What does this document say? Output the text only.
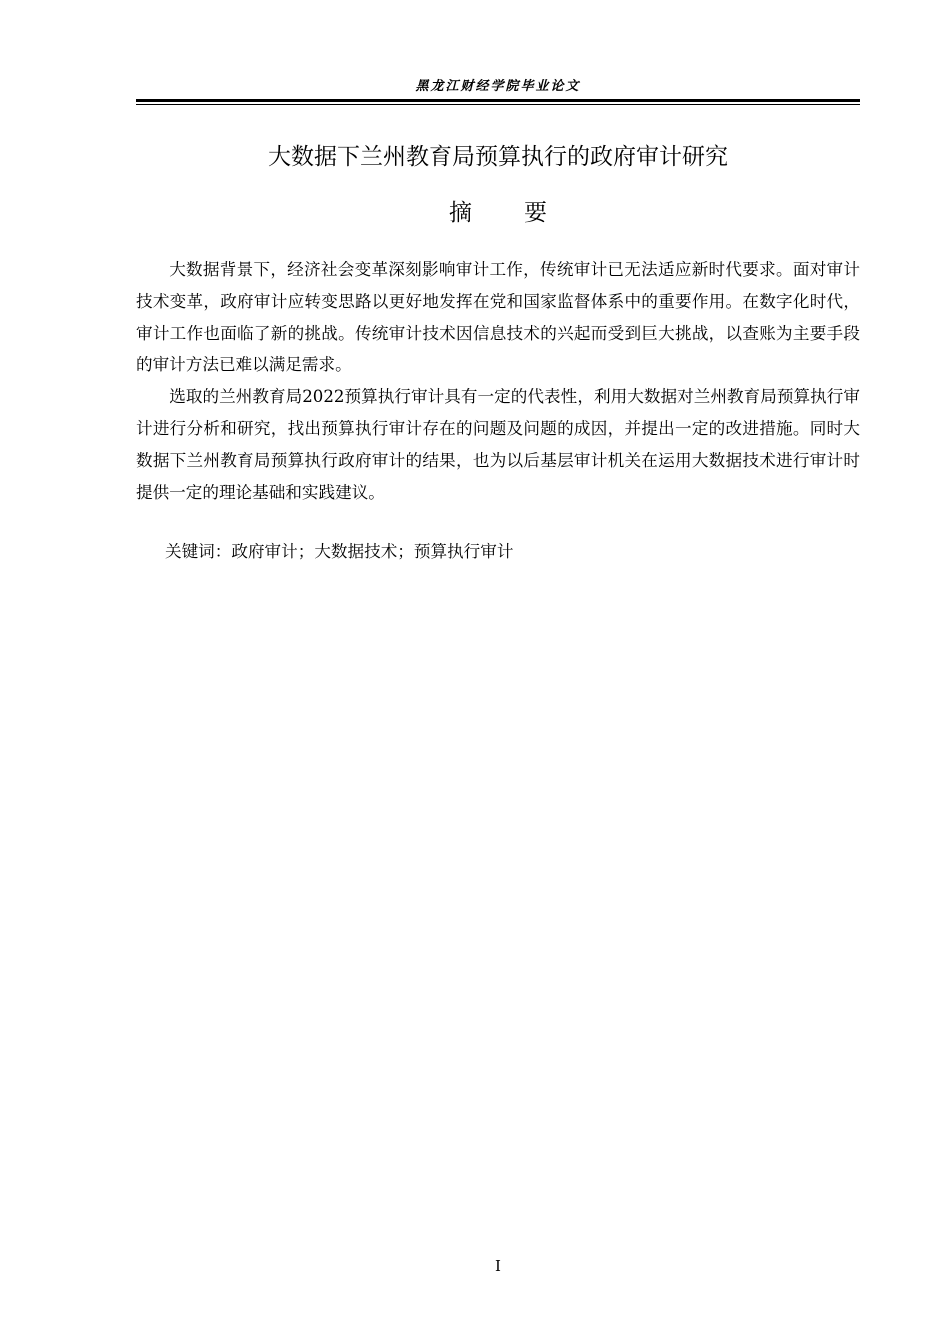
黑龙江财经学院毕业论文
大数据下兰州教育局预算执行的政府审计研究
摘要

大数据背景下，经济社会变革深刻影响审计工作，传统审计已无法适应新时代要求。面对审计技术变革，政府审计应转变思路以更好地发挥在党和国家监督体系中的重要作用。在数字化时代，审计工作也面临了新的挑战。传统审计技术因信息技术的兴起而受到巨大挑战，以查账为主要手段的审计方法已难以满足需求。

选取的兰州教育局2022预算执行审计具有一定的代表性，利用大数据对兰州教育局预算执行审计进行分析和研究，找出预算执行审计存在的问题及问题的成因，并提出一定的改进措施。同时大数据下兰州教育局预算执行政府审计的结果，也为以后基层审计机关在运用大数据技术进行审计时提供一定的理论基础和实践建议。

关键词：政府审计；大数据技术；预算执行审计
I
